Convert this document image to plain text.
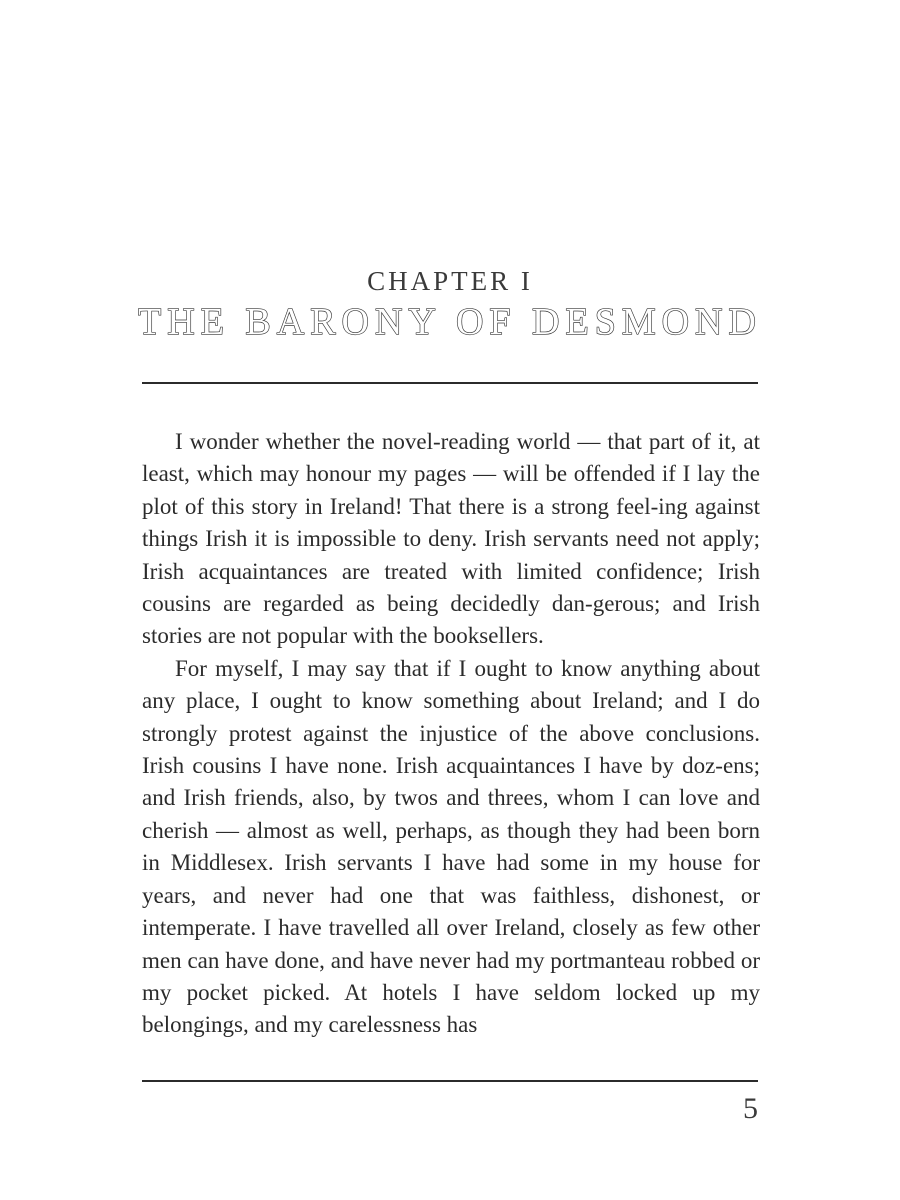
CHAPTER I
THE BARONY OF DESMOND

I wonder whether the novel-reading world — that part of it, at least, which may honour my pages — will be offended if I lay the plot of this story in Ireland! That there is a strong feel-ing against things Irish it is impossible to deny. Irish servants need not apply; Irish acquaintances are treated with limited confidence; Irish cousins are regarded as being decidedly dan-gerous; and Irish stories are not popular with the booksellers.

For myself, I may say that if I ought to know anything about any place, I ought to know something about Ireland; and I do strongly protest against the injustice of the above conclusions. Irish cousins I have none. Irish acquaintances I have by doz-ens; and Irish friends, also, by twos and threes, whom I can love and cherish — almost as well, perhaps, as though they had been born in Middlesex. Irish servants I have had some in my house for years, and never had one that was faithless, dishonest, or intemperate. I have travelled all over Ireland, closely as few other men can have done, and have never had my portmanteau robbed or my pocket picked. At hotels I have seldom locked up my belongings, and my carelessness has

5
